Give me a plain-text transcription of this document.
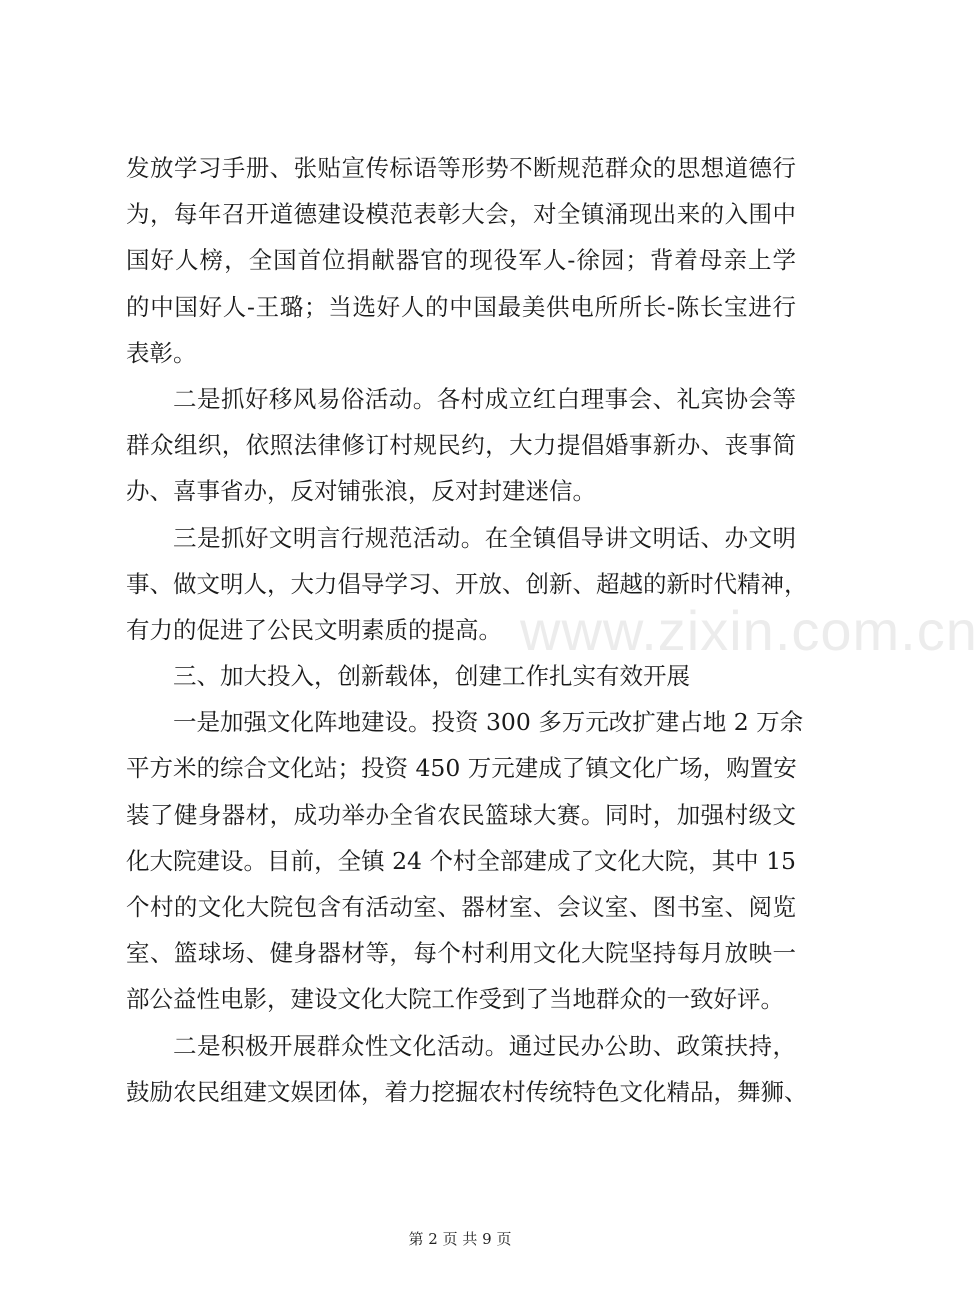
www.zixin.com.cn
发放学习手册、张贴宣传标语等形势不断规范群众的思想道德行
为，每年召开道德建设模范表彰大会，对全镇涌现出来的入围中
国好人榜，全国首位捐献器官的现役军人-徐园；背着母亲上学
的中国好人-王璐；当选好人的中国最美供电所所长-陈长宝进行
表彰。
二是抓好移风易俗活动。各村成立红白理事会、礼宾协会等
群众组织，依照法律修订村规民约，大力提倡婚事新办、丧事简
办、喜事省办，反对铺张浪，反对封建迷信。
三是抓好文明言行规范活动。在全镇倡导讲文明话、办文明
事、做文明人，大力倡导学习、开放、创新、超越的新时代精神，
有力的促进了公民文明素质的提高。
三、加大投入，创新载体，创建工作扎实有效开展
一是加强文化阵地建设。投资 300 多万元改扩建占地 2 万余
平方米的综合文化站；投资 450 万元建成了镇文化广场，购置安
装了健身器材，成功举办全省农民篮球大赛。同时，加强村级文
化大院建设。目前，全镇 24 个村全部建成了文化大院，其中 15
个村的文化大院包含有活动室、器材室、会议室、图书室、阅览
室、篮球场、健身器材等，每个村利用文化大院坚持每月放映一
部公益性电影，建设文化大院工作受到了当地群众的一致好评。
二是积极开展群众性文化活动。通过民办公助、政策扶持，
鼓励农民组建文娱团体，着力挖掘农村传统特色文化精品，舞狮、
第 2 页 共 9 页
